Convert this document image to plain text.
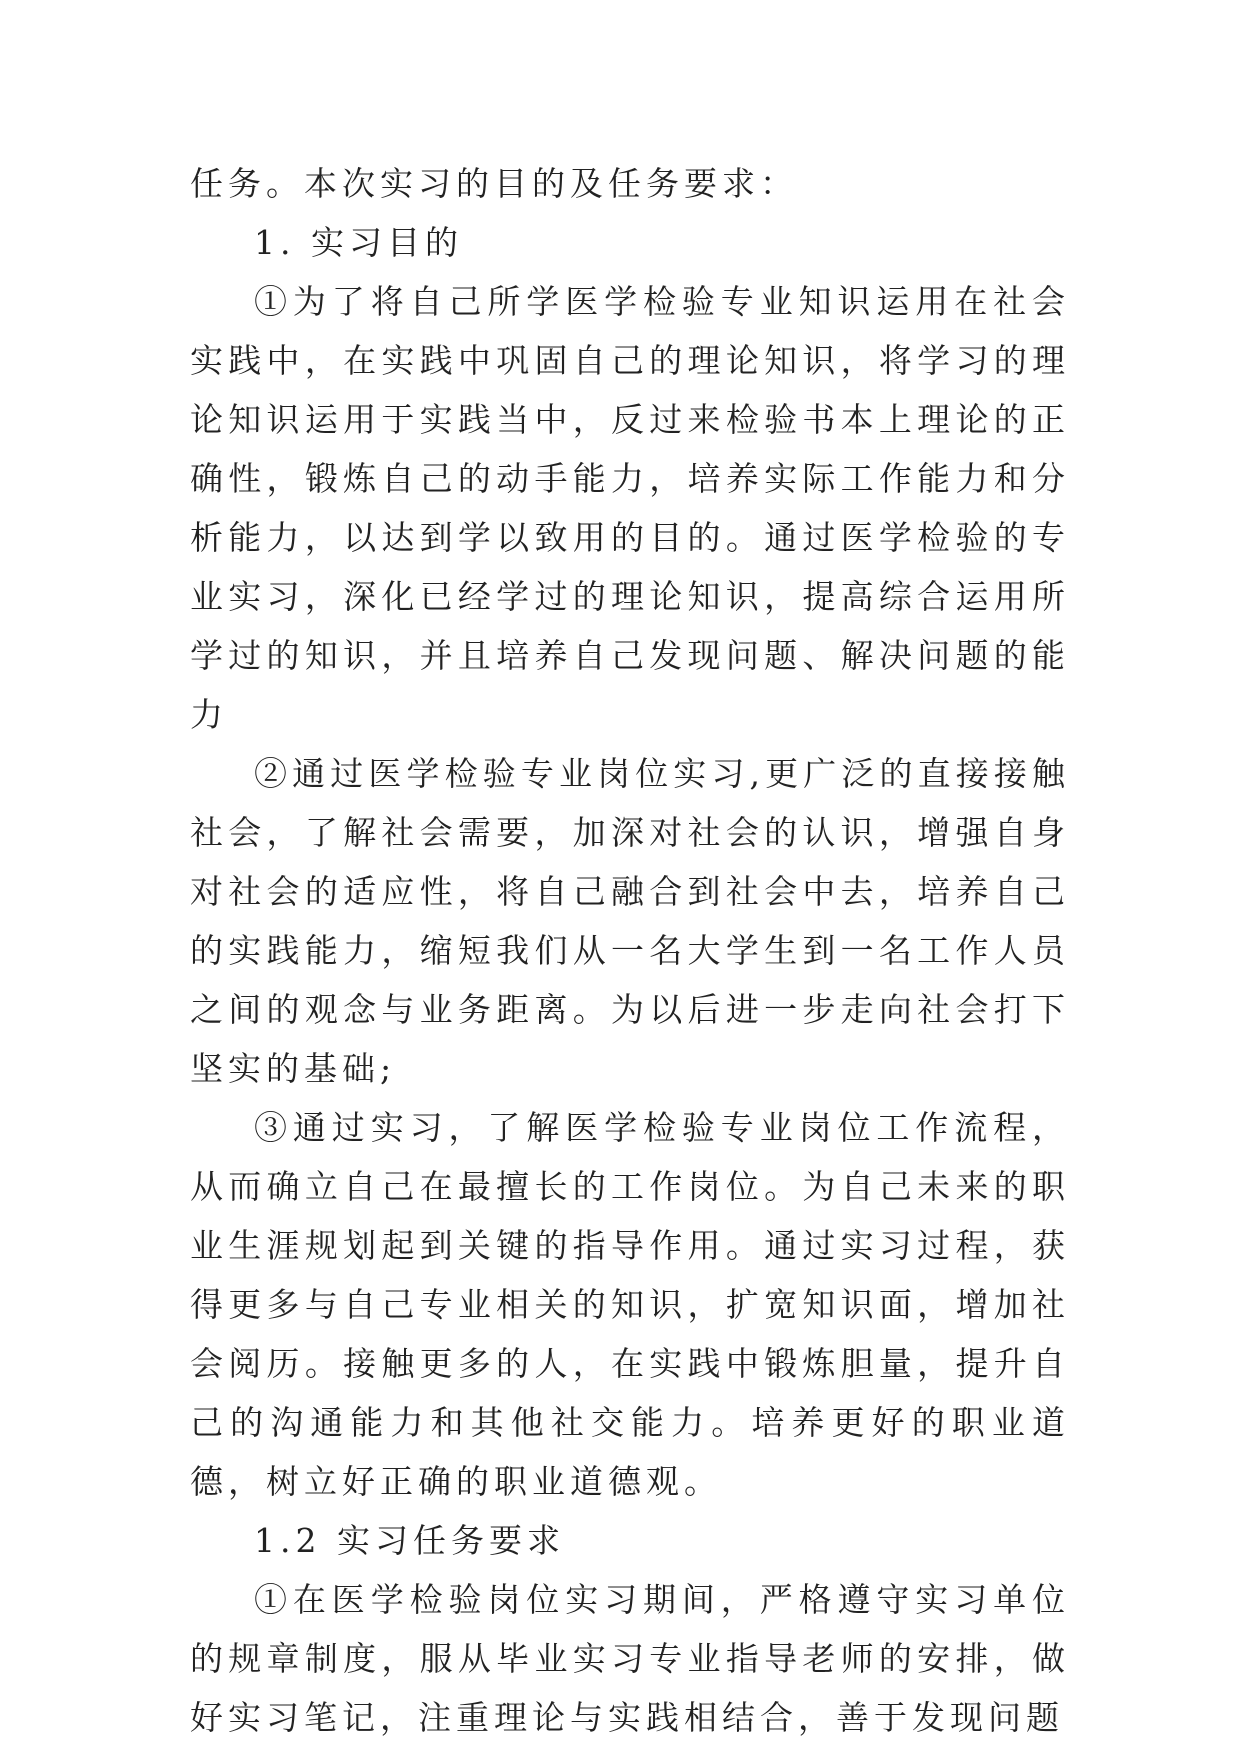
任务。本次实习的目的及任务要求：

1. 实习目的

①为了将自己所学医学检验专业知识运用在社会实践中，在实践中巩固自己的理论知识，将学习的理论知识运用于实践当中，反过来检验书本上理论的正确性，锻炼自己的动手能力，培养实际工作能力和分析能力，以达到学以致用的目的。通过医学检验的专业实习，深化已经学过的理论知识，提高综合运用所学过的知识，并且培养自己发现问题、解决问题的能力

②通过医学检验专业岗位实习,更广泛的直接接触社会，了解社会需要，加深对社会的认识，增强自身对社会的适应性，将自己融合到社会中去，培养自己的实践能力，缩短我们从一名大学生到一名工作人员之间的观念与业务距离。为以后进一步走向社会打下坚实的基础;

③通过实习，了解医学检验专业岗位工作流程，从而确立自己在最擅长的工作岗位。为自己未来的职业生涯规划起到关键的指导作用。通过实习过程，获得更多与自己专业相关的知识，扩宽知识面，增加社会阅历。接触更多的人，在实践中锻炼胆量，提升自己的沟通能力和其他社交能力。培养更好的职业道德，树立好正确的职业道德观。

1.2 实习任务要求

①在医学检验岗位实习期间，严格遵守实习单位的规章制度，服从毕业实习专业指导老师的安排，做好实习笔记，注重理论与实践相结合，善于发现问题
